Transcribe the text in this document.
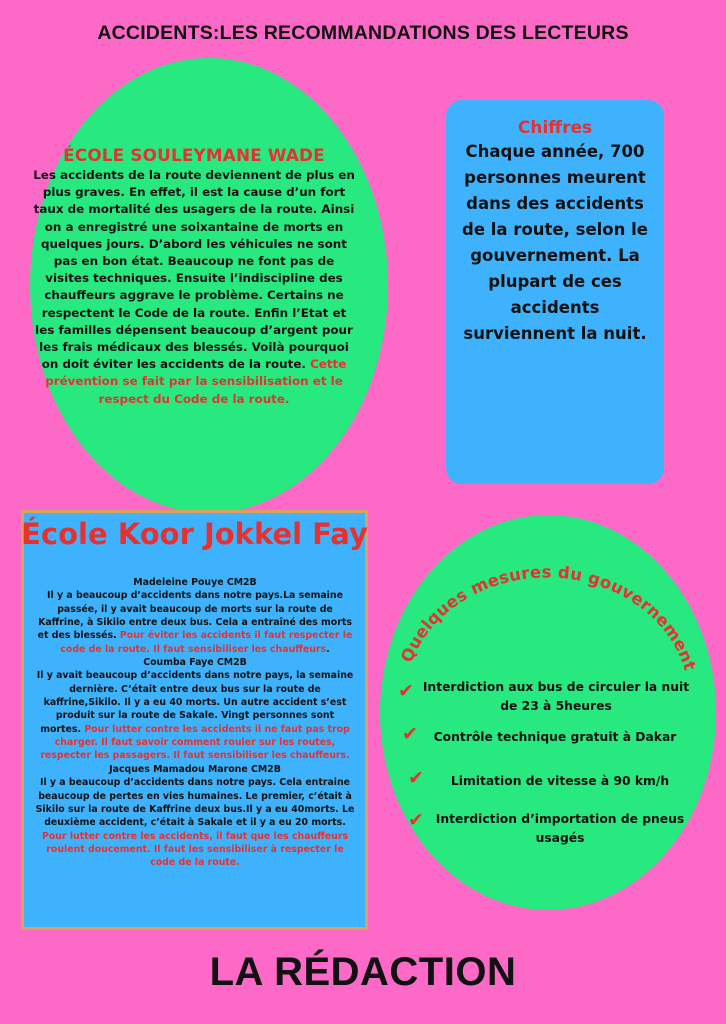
ACCIDENTS:LES RECOMMANDATIONS DES LECTEURS
ÉCOLE SOULEYMANE WADE
Les accidents de la route deviennent de plus en plus graves. En effet, il est la cause d’un fort taux de mortalité des usagers de la route. Ainsi on a enregistré une soixantaine de morts en quelques jours. D’abord les véhicules ne sont pas en bon état. Beaucoup ne font pas de visites techniques. Ensuite l’indiscipline des chauffeurs aggrave le problème. Certains ne respectent le Code de la route. Enfin l’Etat et les familles dépensent beaucoup d’argent pour les frais médicaux des blessés. Voilà pourquoi on doit éviter les accidents de la route. Cette prévention se fait par la sensibilisation et le respect du Code de la route.
Chiffres
Chaque année, 700 personnes meurent dans des accidents de la route, selon le gouvernement. La plupart de ces accidents surviennent la nuit.
École Koor Jokkel Fay

Madeleine Pouye CM2B

Il y a beaucoup d’accidents dans notre pays.La semaine passée, il y avait beaucoup de morts sur la route de Kaffrine, à Sikilo entre deux bus. Cela a entraîné des morts et des blessés. Pour éviter les accidents il faut respecter le code de la route. Il faut sensibiliser les chauffeurs.

Coumba Faye CM2B

Il y avait beaucoup d’accidents dans notre pays, la semaine dernière. C’était entre deux bus sur la route de kaffrine,Sikilo. Il y a eu 40 morts. Un autre accident s’est produit sur la route de Sakale. Vingt personnes sont mortes. Pour lutter contre les accidents il ne faut pas trop charger. Il faut savoir comment rouler sur les routes, respecter les passagers. Il faut sensibiliser les chauffeurs.

Jacques Mamadou Marone CM2B

Il y a beaucoup d’accidents dans notre pays. Cela entraine beaucoup de pertes en vies humaines. Le premier, c’était à Sikilo sur la route de Kaffrine deux bus.Il y a eu 40morts. Le deuxième accident, c’était à Sakale et il y a eu 20 morts. Pour lutter contre les accidents, il faut que les chauffeurs roulent doucement. Il faut les sensibiliser à respecter le code de la route.

Quelques mesures du gouvernement
✔ Interdiction aux bus de circuler la nuit de 23 à 5heures
✔	Contrôle technique gratuit à Dakar
✔	Limitation de vitesse à 90 km/h
✔ Interdiction d’importation de pneus usagés
LA RÉDACTION
